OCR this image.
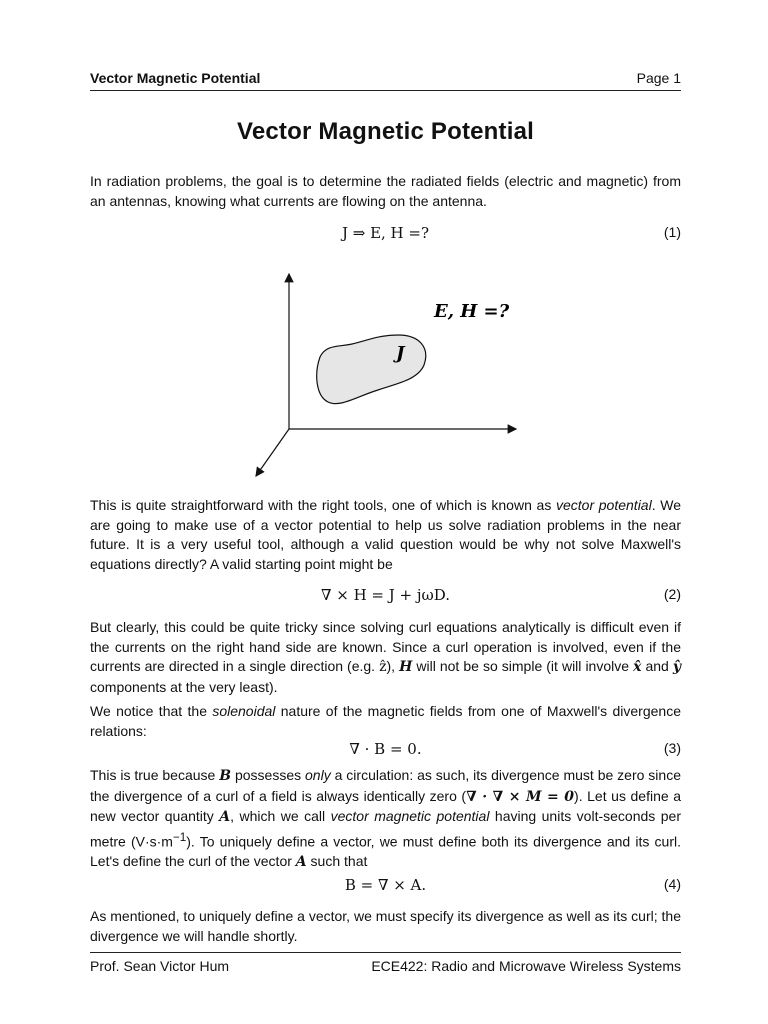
Vector Magnetic Potential	Page 1
Vector Magnetic Potential

In radiation problems, the goal is to determine the radiated fields (electric and magnetic) from an antennas, knowing what currents are flowing on the antenna.

J ⇒ E, H =?	(1)
E, H =?
J

This is quite straightforward with the right tools, one of which is known as vector potential. We are going to make use of a vector potential to help us solve radiation problems in the near future. It is a very useful tool, although a valid question would be why not solve Maxwell's equations directly? A valid starting point might be

∇ × H = J + jωD.	(2)

But clearly, this could be quite tricky since solving curl equations analytically is difficult even if the currents on the right hand side are known. Since a curl operation is involved, even if the currents are directed in a single direction (e.g. ẑ), H will not be so simple (it will involve x̂ and ŷ components at the very least).

We notice that the solenoidal nature of the magnetic fields from one of Maxwell's divergence relations:

∇ · B = 0.	(3)

This is true because B possesses only a circulation: as such, its divergence must be zero since the divergence of a curl of a field is always identically zero (∇ · ∇ × M = 0). Let us define a new vector quantity A, which we call vector magnetic potential having units volt-seconds per metre $(V\cdot s\cdot m^{-1})$. To uniquely define a vector, we must define both its divergence and its curl. Let's define the curl of the vector A such that

B = ∇ × A.	(4)

As mentioned, to uniquely define a vector, we must specify its divergence as well as its curl; the divergence we will handle shortly.

Prof. Sean Victor Hum	ECE422: Radio and Microwave Wireless Systems
